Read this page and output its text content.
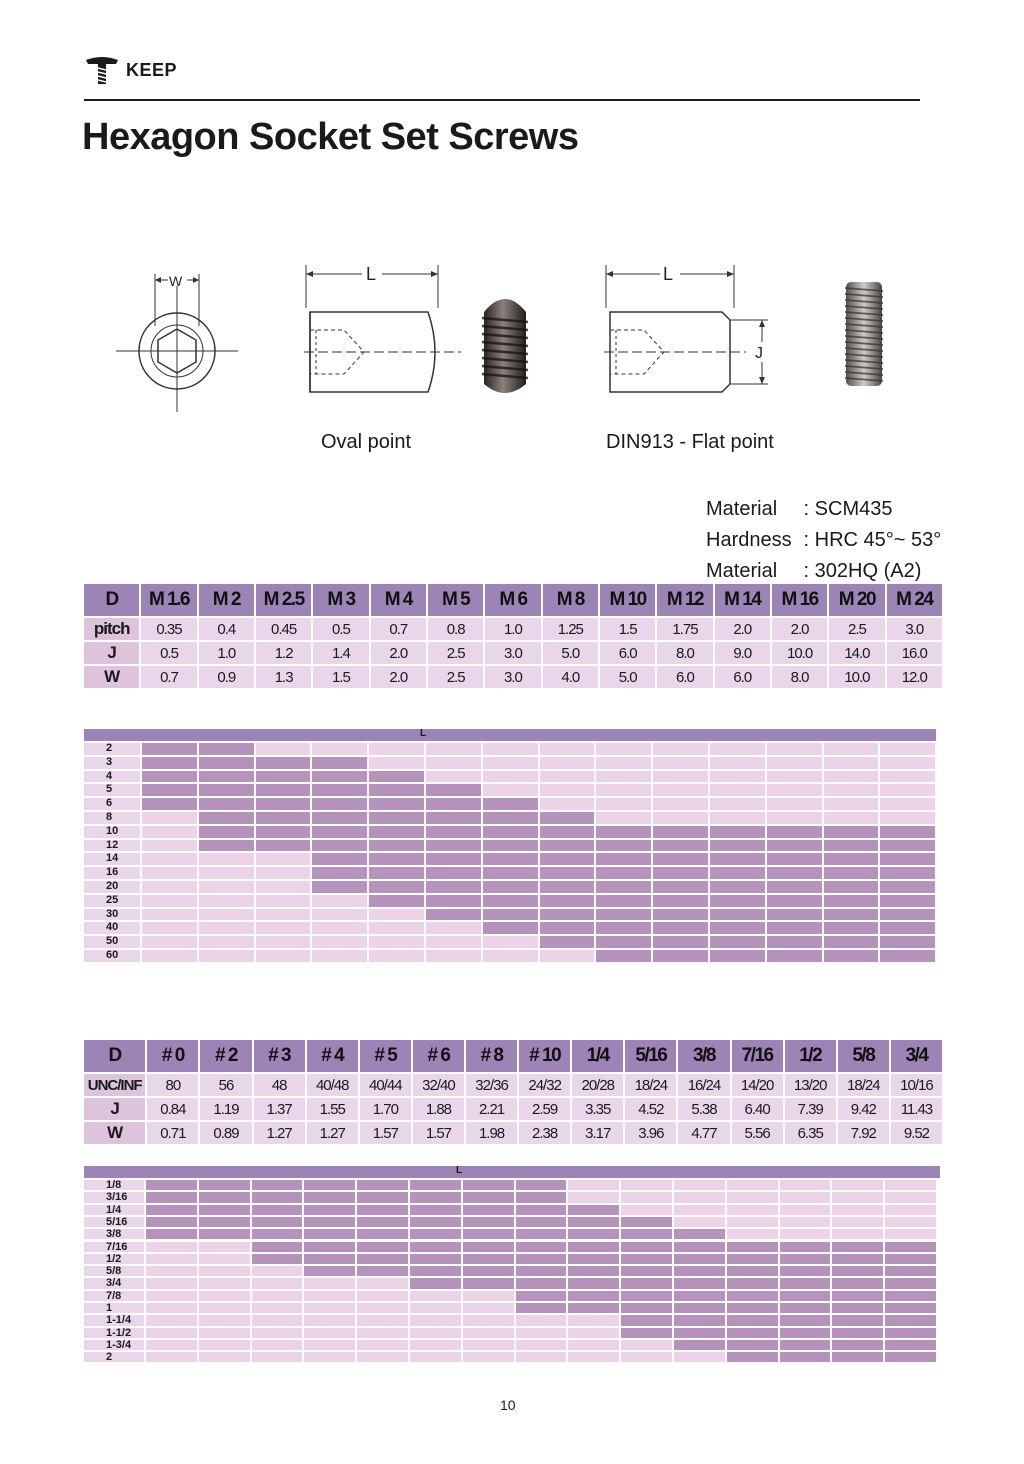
KEEP
Hexagon Socket Set Screws
W	L	L
J
Oval point	DIN913 - Flat point
Material : SCM435
Hardness : HRC 45°~ 53°
Material : 302HQ (A2)
D	M 1.6	M 2	M 2.5	M 3	M 4	M 5	M 6	M 8	M 10	M 12	M 14	M 16	M 20	M 24
pitch	0.35	0.4	0.45	0.5	0.7	0.8	1.0	1.25	1.5	1.75	2.0	2.0	2.5	3.0
J	0.5	1.0	1.2	1.4	2.0	2.5	3.0	5.0	6.0	8.0	9.0	10.0	14.0	16.0
W	0.7	0.9	1.3	1.5	2.0	2.5	3.0	4.0	5.0	6.0	6.0	8.0	10.0	12.0
L
2
3
4
5
6
8
10
12
14
16
20
25
30
40
50
60
D	# 0	# 2	# 3	# 4	# 5	# 6	# 8	# 10	1/4	5/16	3/8	7/16	1/2	5/8	3/4
UNC/INF	80	56	48	40/48	40/44	32/40	32/36	24/32	20/28	18/24	16/24	14/20	13/20	18/24	10/16
J	0.84	1.19	1.37	1.55	1.70	1.88	2.21	2.59	3.35	4.52	5.38	6.40	7.39	9.42	11.43
W	0.71	0.89	1.27	1.27	1.57	1.57	1.98	2.38	3.17	3.96	4.77	5.56	6.35	7.92	9.52
L
1/8
3/16
1/4
5/16
3/8
7/16
1/2
5/8
3/4
7/8
1
1-1/4
1-1/2
1-3/4
2
10
